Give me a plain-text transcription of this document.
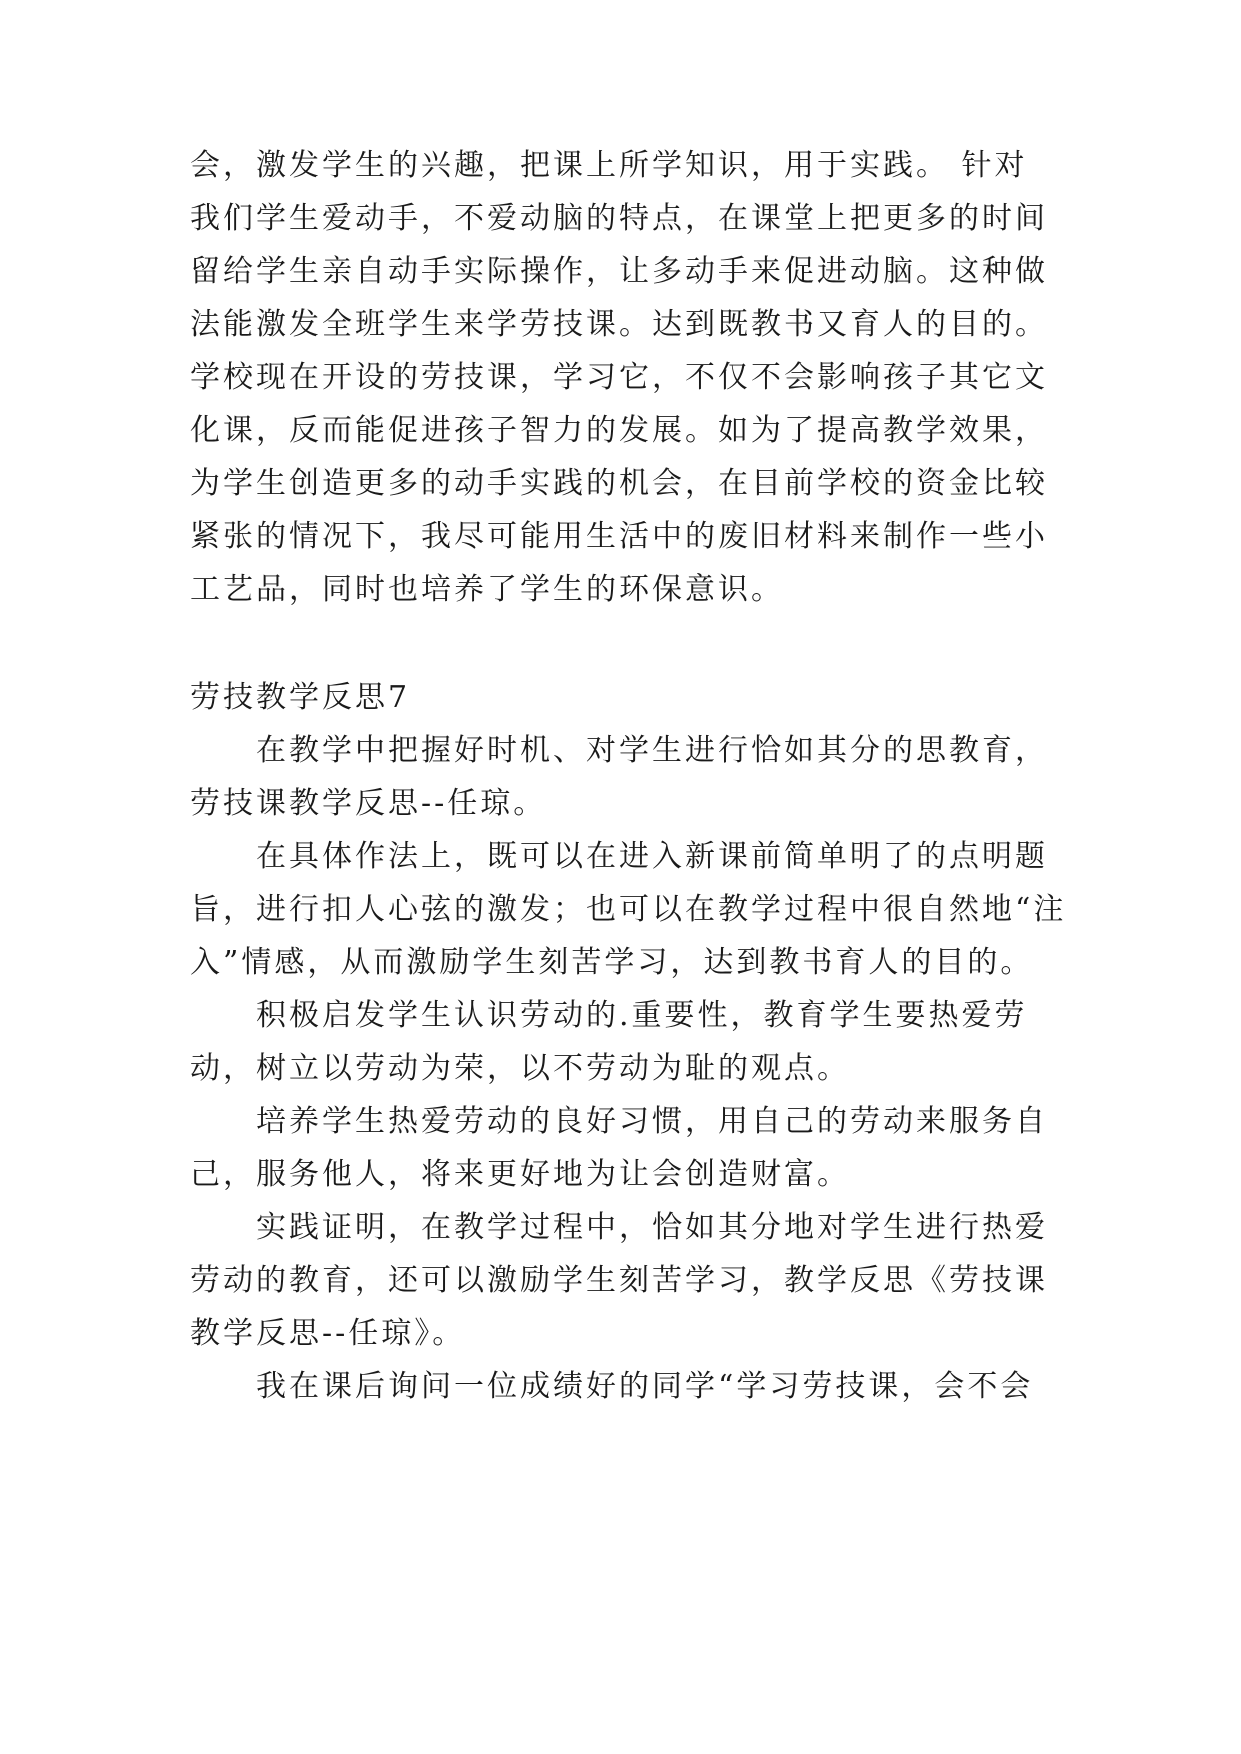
会，激发学生的兴趣，把课上所学知识，用于实践。 针对
我们学生爱动手，不爱动脑的特点，在课堂上把更多的时间
留给学生亲自动手实际操作，让多动手来促进动脑。这种做
法能激发全班学生来学劳技课。达到既教书又育人的目的。
学校现在开设的劳技课，学习它，不仅不会影响孩子其它文
化课，反而能促进孩子智力的发展。如为了提高教学效果，
为学生创造更多的动手实践的机会，在目前学校的资金比较
紧张的情况下，我尽可能用生活中的废旧材料来制作一些小
工艺品，同时也培养了学生的环保意识。
劳技教学反思7
在教学中把握好时机、对学生进行恰如其分的思教育，
劳技课教学反思--任琼。
在具体作法上，既可以在进入新课前简单明了的点明题
旨，进行扣人心弦的激发；也可以在教学过程中很自然地“注
入”情感，从而激励学生刻苦学习，达到教书育人的目的。
积极启发学生认识劳动的.重要性，教育学生要热爱劳
动，树立以劳动为荣，以不劳动为耻的观点。
培养学生热爱劳动的良好习惯，用自己的劳动来服务自
己，服务他人，将来更好地为让会创造财富。
实践证明，在教学过程中，恰如其分地对学生进行热爱
劳动的教育，还可以激励学生刻苦学习，教学反思《劳技课
教学反思--任琼》。
我在课后询问一位成绩好的同学“学习劳技课，会不会
